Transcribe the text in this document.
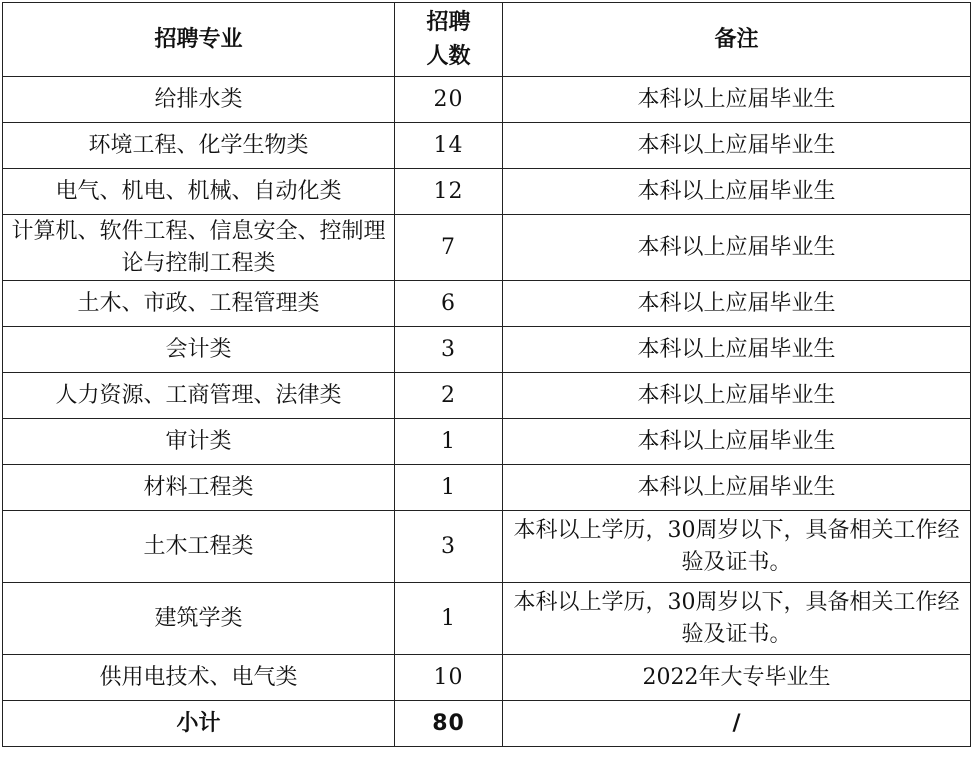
招聘专业	招聘人数	备注
给排水类	20	本科以上应届毕业生
环境工程、化学生物类	14	本科以上应届毕业生
电气、机电、机械、自动化类	12	本科以上应届毕业生
计算机、软件工程、信息安全、控制理论与控制工程类	7	本科以上应届毕业生
土木、市政、工程管理类	6	本科以上应届毕业生
会计类	3	本科以上应届毕业生
人力资源、工商管理、法律类	2	本科以上应届毕业生
审计类	1	本科以上应届毕业生
材料工程类	1	本科以上应届毕业生
土木工程类	3	本科以上学历，30周岁以下，具备相关工作经验及证书。
建筑学类	1	本科以上学历，30周岁以下，具备相关工作经验及证书。
供用电技术、电气类	10	2022年大专毕业生
小计	80	/
